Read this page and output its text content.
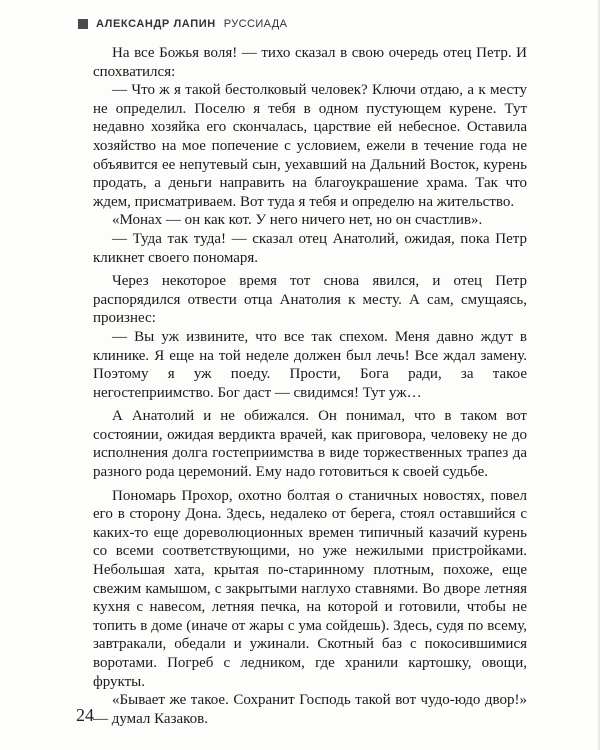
АЛЕКСАНДР ЛАПИН РУССИАДА

На все Божья воля! — тихо сказал в свою очередь отец Петр. И спохватился:

— Что ж я такой бестолковый человек? Ключи отдаю, а к месту не определил. Поселю я тебя в одном пустующем курене. Тут недавно хозяйка его скончалась, царствие ей небесное. Оставила хозяйство на мое попечение с условием, ежели в течение года не объявится ее непутевый сын, уехавший на Дальний Восток, курень продать, а деньги направить на благоукрашение храма. Так что ждем, присматриваем. Вот туда я тебя и определю на жительство.

«Монах — он как кот. У него ничего нет, но он счастлив».

— Туда так туда! — сказал отец Анатолий, ожидая, пока Петр кликнет своего пономаря.

Через некоторое время тот снова явился, и отец Петр распорядился отвести отца Анатолия к месту. А сам, смущаясь, произнес:

— Вы уж извините, что все так спехом. Меня давно ждут в клинике. Я еще на той неделе должен был лечь! Все ждал замену. Поэтому я уж поеду. Прости, Бога ради, за такое негостеприимство. Бог даст — свидимся! Тут уж…

А Анатолий и не обижался. Он понимал, что в таком вот состоянии, ожидая вердикта врачей, как приговора, человеку не до исполнения долга гостеприимства в виде торжественных трапез да разного рода церемоний. Ему надо готовиться к своей судьбе.

Пономарь Прохор, охотно болтая о станичных новостях, повел его в сторону Дона. Здесь, недалеко от берега, стоял оставшийся с каких-то еще дореволюционных времен типичный казачий курень со всеми соответствующими, но уже нежилыми пристройками. Небольшая хата, крытая по-старинному плотным, похоже, еще свежим камышом, с закрытыми наглухо ставнями. Во дворе летняя кухня с навесом, летняя печка, на которой и готовили, чтобы не топить в доме (иначе от жары с ума сойдешь). Здесь, судя по всему, завтракали, обедали и ужинали. Скотный баз с покосившимися воротами. Погреб с ледником, где хранили картошку, овощи, фрукты.

«Бывает же такое. Сохранит Господь такой вот чудо-юдо двор!» — думал Казаков.

24
